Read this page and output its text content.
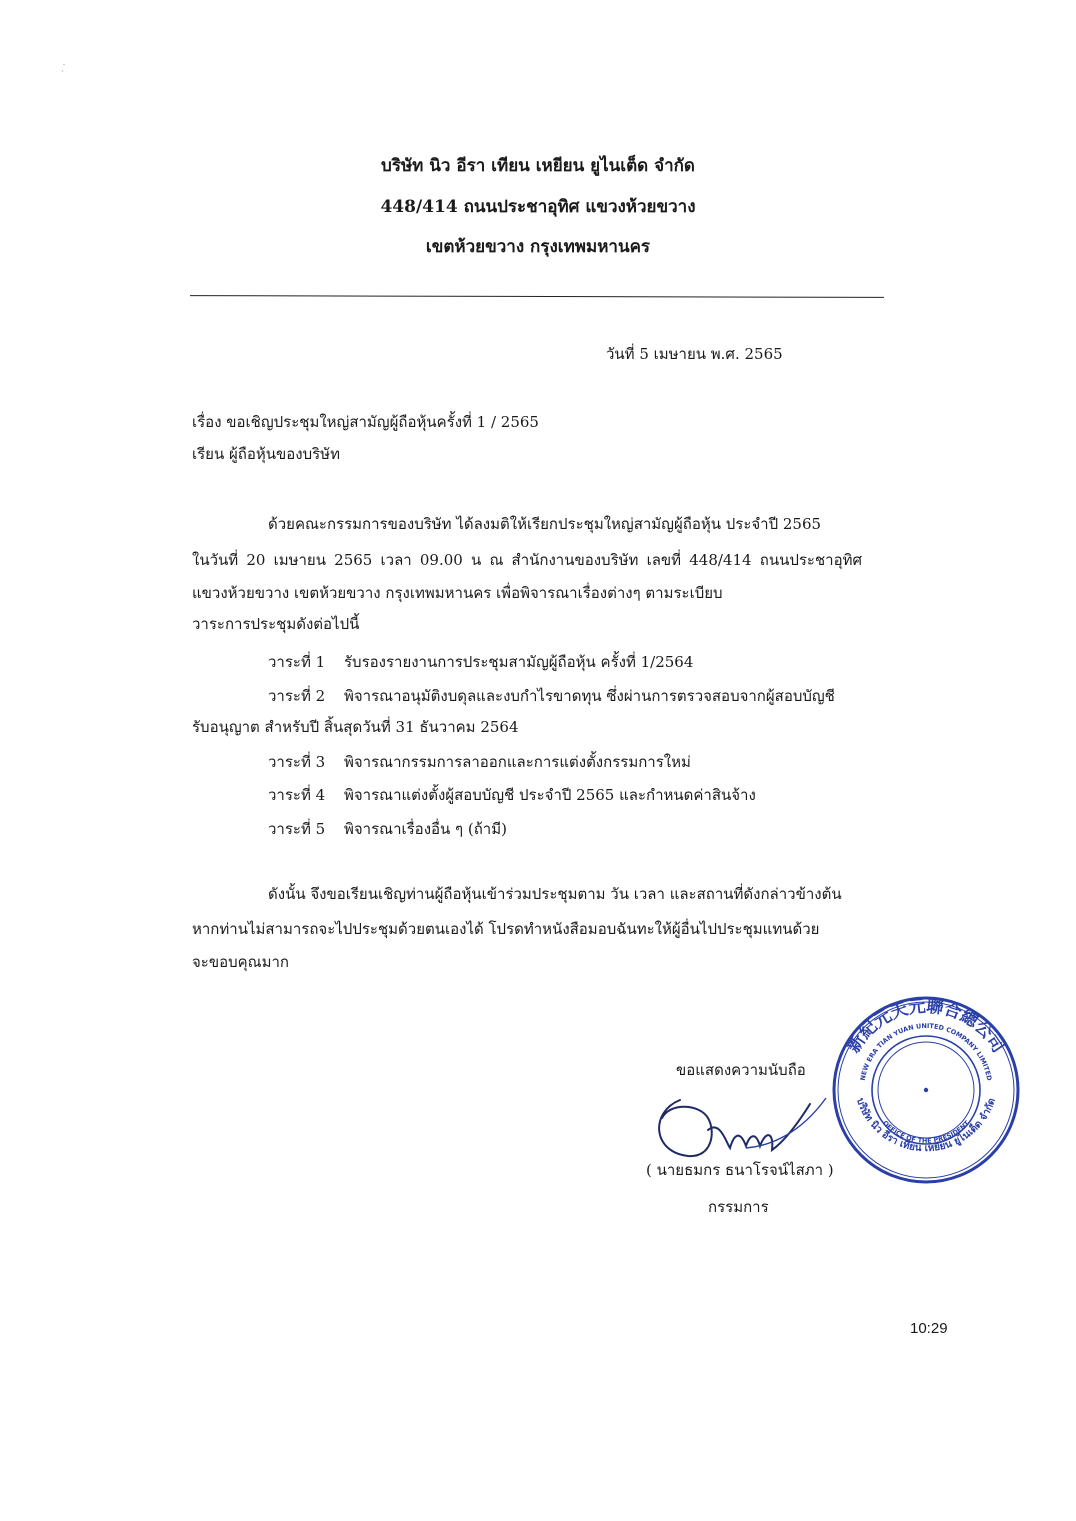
บริษัท นิว อีรา เทียน เหยียน ยูไนเต็ด จำกัด
448/414 ถนนประชาอุทิศ แขวงห้วยขวาง
เขตห้วยขวาง กรุงเทพมหานคร
วันที่ 5 เมษายน พ.ศ. 2565
เรื่อง ขอเชิญประชุมใหญ่สามัญผู้ถือหุ้นครั้งที่ 1 / 2565
เรียน ผู้ถือหุ้นของบริษัท
ด้วยคณะกรรมการของบริษัท ได้ลงมติให้เรียกประชุมใหญ่สามัญผู้ถือหุ้น ประจำปี 2565
ในวันที่ 20 เมษายน 2565 เวลา 09.00 น ณ สำนักงานของบริษัท เลขที่ 448/414 ถนนประชาอุทิศ
แขวงห้วยขวาง เขตห้วยขวาง กรุงเทพมหานคร เพื่อพิจารณาเรื่องต่างๆ ตามระเบียบ
วาระการประชุมดังต่อไปนี้
วาระที่ 1 รับรองรายงานการประชุมสามัญผู้ถือหุ้น ครั้งที่ 1/2564
วาระที่ 2 พิจารณาอนุมัติงบดุลและงบกำไรขาดทุน ซึ่งผ่านการตรวจสอบจากผู้สอบบัญชี
รับอนุญาต สำหรับปี สิ้นสุดวันที่ 31 ธันวาคม 2564
วาระที่ 3 พิจารณากรรมการลาออกและการแต่งตั้งกรรมการใหม่
วาระที่ 4 พิจารณาแต่งตั้งผู้สอบบัญชี ประจำปี 2565 และกำหนดค่าสินจ้าง
วาระที่ 5 พิจารณาเรื่องอื่น ๆ (ถ้ามี)
ดังนั้น จึงขอเรียนเชิญท่านผู้ถือหุ้นเข้าร่วมประชุมตาม วัน เวลา และสถานที่ดังกล่าวข้างต้น
หากท่านไม่สามารถจะไปประชุมด้วยตนเองได้ โปรดทำหนังสือมอบฉันทะให้ผู้อื่นไปประชุมแทนด้วย
จะขอบคุณมาก
ขอแสดงความนับถือ
( นายธมกร ธนาโรจน์ไสภา )
กรรมการ
新紀元天元聯合總公司
NEW ERA TIAN YUAN UNITED COMPANY LIMITED
OFFICE OF THE PRESIDENT
บริษัท นิว อีรา เทียน เหยียน ยูไนเต็ด จำกัด
10:29
